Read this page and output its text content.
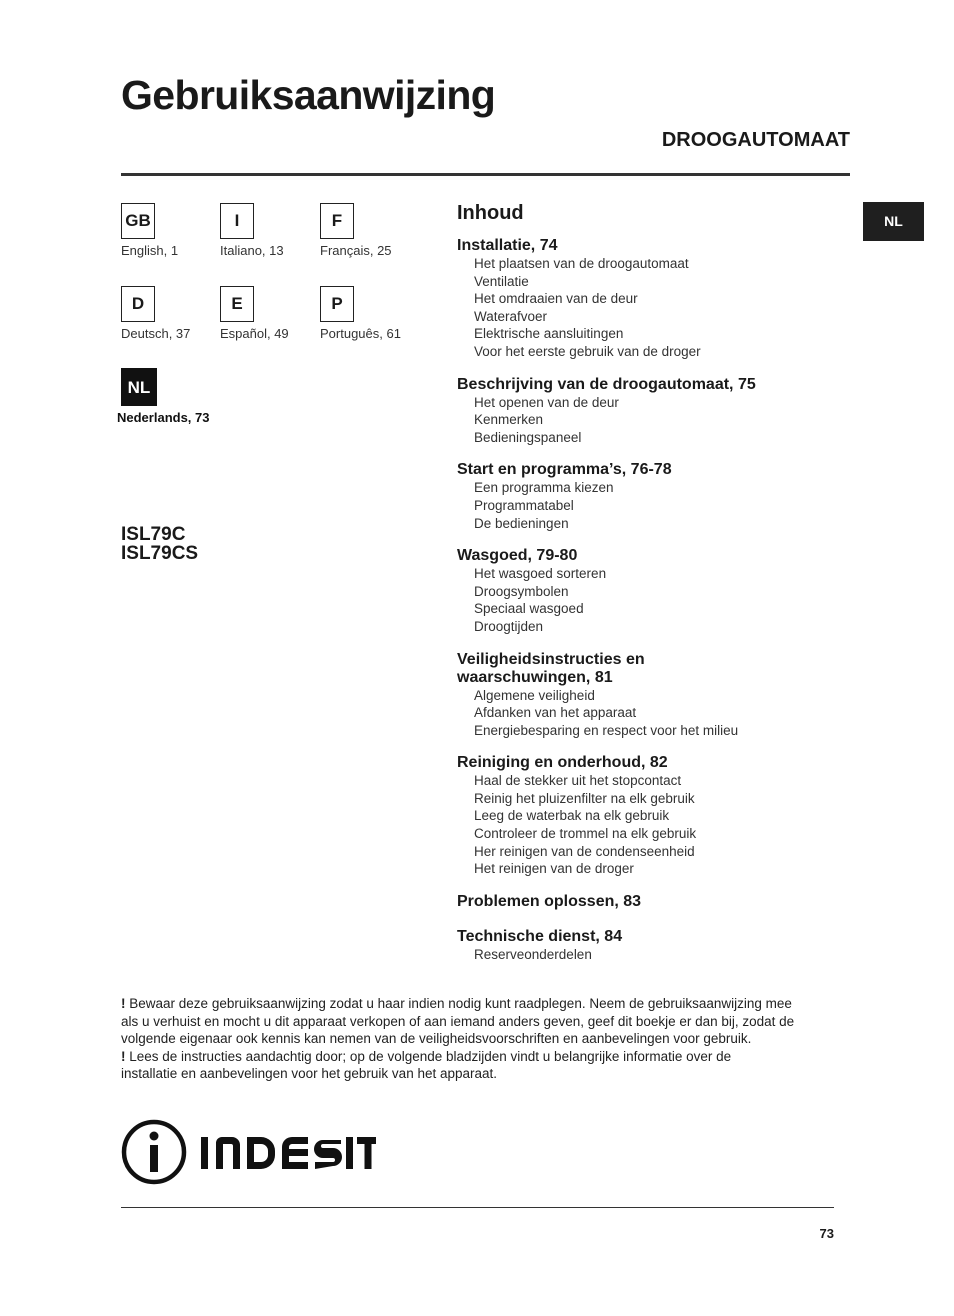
Gebruiksaanwijzing
DROOGAUTOMAAT
NL
GB
English, 1
I
Italiano, 13
F
Français, 25
D
Deutsch, 37
E
Español, 49
P
Português, 61
NL
Nederlands, 73
ISL79C
ISL79CS
Inhoud
Installatie, 74
Het plaatsen van de droogautomaat
Ventilatie
Het omdraaien van de deur
Waterafvoer
Elektrische aansluitingen
Voor het eerste gebruik van de droger
Beschrijving van de droogautomaat, 75
Het openen van de deur
Kenmerken
Bedieningspaneel
Start en programma’s, 76-78
Een programma kiezen
Programmatabel
De bedieningen
Wasgoed, 79-80
Het wasgoed sorteren
Droogsymbolen
Speciaal wasgoed
Droogtijden
Veiligheidsinstructies en
waarschuwingen, 81
Algemene veiligheid
Afdanken van het apparaat
Energiebesparing en respect voor het milieu
Reiniging en onderhoud, 82
Haal de stekker uit het stopcontact
Reinig het pluizenfilter na elk gebruik
Leeg de waterbak na elk gebruik
Controleer de trommel na elk gebruik
Her reinigen van de condenseenheid
Het reinigen van de droger
Problemen oplossen, 83
Technische dienst, 84
Reserveonderdelen
! Bewaar deze gebruiksaanwijzing zodat u haar indien nodig kunt raadplegen. Neem de gebruiksaanwijzing mee
als u verhuist en mocht u dit apparaat verkopen of aan iemand anders geven, geef dit boekje er dan bij, zodat de
volgende eigenaar ook kennis kan nemen van de veiligheidsvoorschriften en aanbevelingen voor gebruik.
! Lees de instructies aandachtig door; op de volgende bladzijden vindt u belangrijke informatie over de
installatie en aanbevelingen voor het gebruik van het apparaat.
73
